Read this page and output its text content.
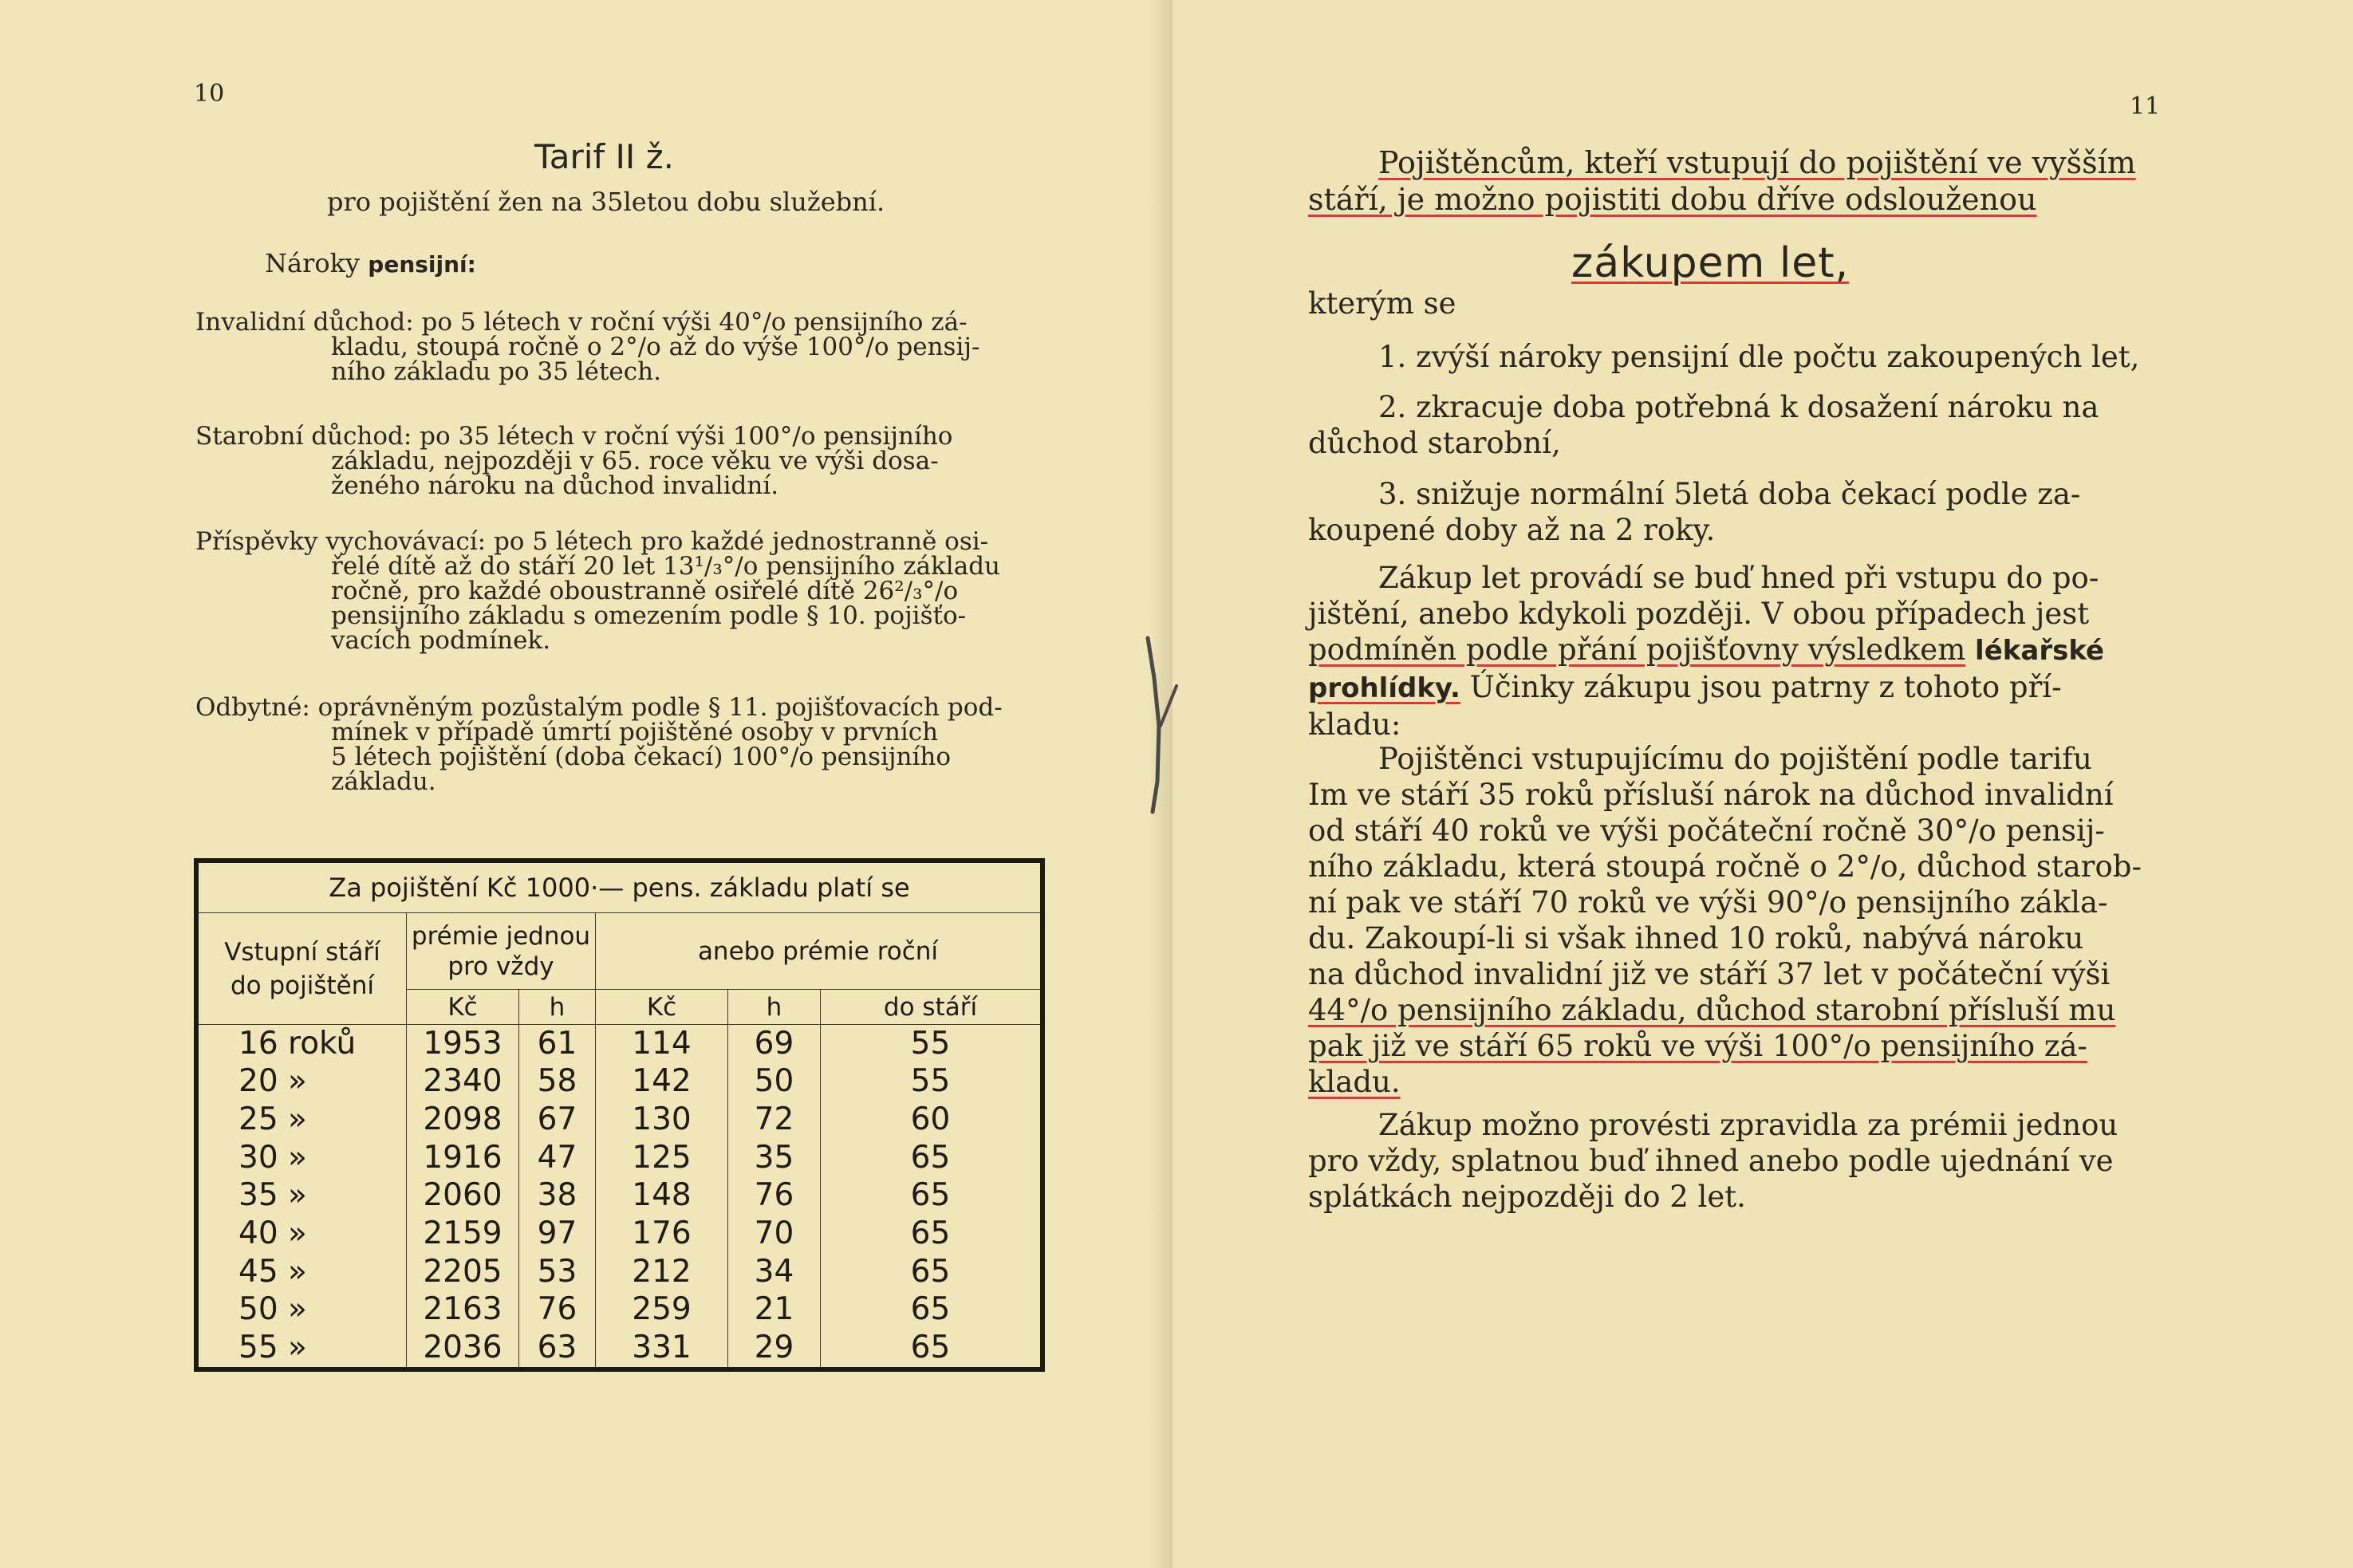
10
Tarif II ž.
pro pojištění žen na 35letou dobu služební.
Nároky pensijní:
Invalidní důchod: po 5 létech v roční výši 40°/o pensijního zá-
kladu, stoupá ročně o 2°/o až do výše 100°/o pensij-
ního základu po 35 létech.
Starobní důchod: po 35 létech v roční výši 100°/o pensijního
základu, nejpozději v 65. roce věku ve výši dosa-
ženého nároku na důchod invalidní.
Příspěvky vychovávací: po 5 létech pro každé jednostranně osi-
řelé dítě až do stáří 20 let 13¹/₃°/o pensijního základu
ročně, pro každé oboustranně osiřelé dítě 26²/₃°/o
pensijního základu s omezením podle § 10. pojišťo-
vacích podmínek.
Odbytné: oprávněným pozůstalým podle § 11. pojišťovacích pod-
mínek v případě úmrtí pojištěné osoby v prvních
5 létech pojištění (doba čekací) 100°/o pensijního
základu.
Za pojištění Kč 1000·— pens. základu platí se					
Vstupní stáří
do pojištění	prémie jednou
pro vždy		anebo prémie roční		
	Kč	h	Kč	h	do stáří
16 roků	1953	61	114	69	55
20 »	2340	58	142	50	55
25 »	2098	67	130	72	60
30 »	1916	47	125	35	65
35 »	2060	38	148	76	65
40 »	2159	97	176	70	65
45 »	2205	53	212	34	65
50 »	2163	76	259	21	65
55 »	2036	63	331	29	65
11
Pojištěncům, kteří vstupují do pojištění ve vyšším
stáří, je možno pojistiti dobu dříve odslouženou
zákupem let,
kterým se
1. zvýší nároky pensijní dle počtu zakoupených let,
2. zkracuje doba potřebná k dosažení nároku na
důchod starobní,
3. snižuje normální 5letá doba čekací podle za-
koupené doby až na 2 roky.
Zákup let provádí se buď hned při vstupu do po-
jištění, anebo kdykoli později. V obou případech jest
podmíněn podle přání pojišťovny výsledkem lékařské
prohlídky. Účinky zákupu jsou patrny z tohoto pří-
kladu:
Pojištěnci vstupujícímu do pojištění podle tarifu
Im ve stáří 35 roků přísluší nárok na důchod invalidní
od stáří 40 roků ve výši počáteční ročně 30°/o pensij-
ního základu, která stoupá ročně o 2°/o, důchod starob-
ní pak ve stáří 70 roků ve výši 90°/o pensijního zákla-
du. Zakoupí-li si však ihned 10 roků, nabývá nároku
na důchod invalidní již ve stáří 37 let v počáteční výši
44°/o pensijního základu, důchod starobní přísluší mu
pak již ve stáří 65 roků ve výši 100°/o pensijního zá-
kladu.
Zákup možno provésti zpravidla za prémii jednou
pro vždy, splatnou buď ihned anebo podle ujednání ve
splátkách nejpozději do 2 let.
